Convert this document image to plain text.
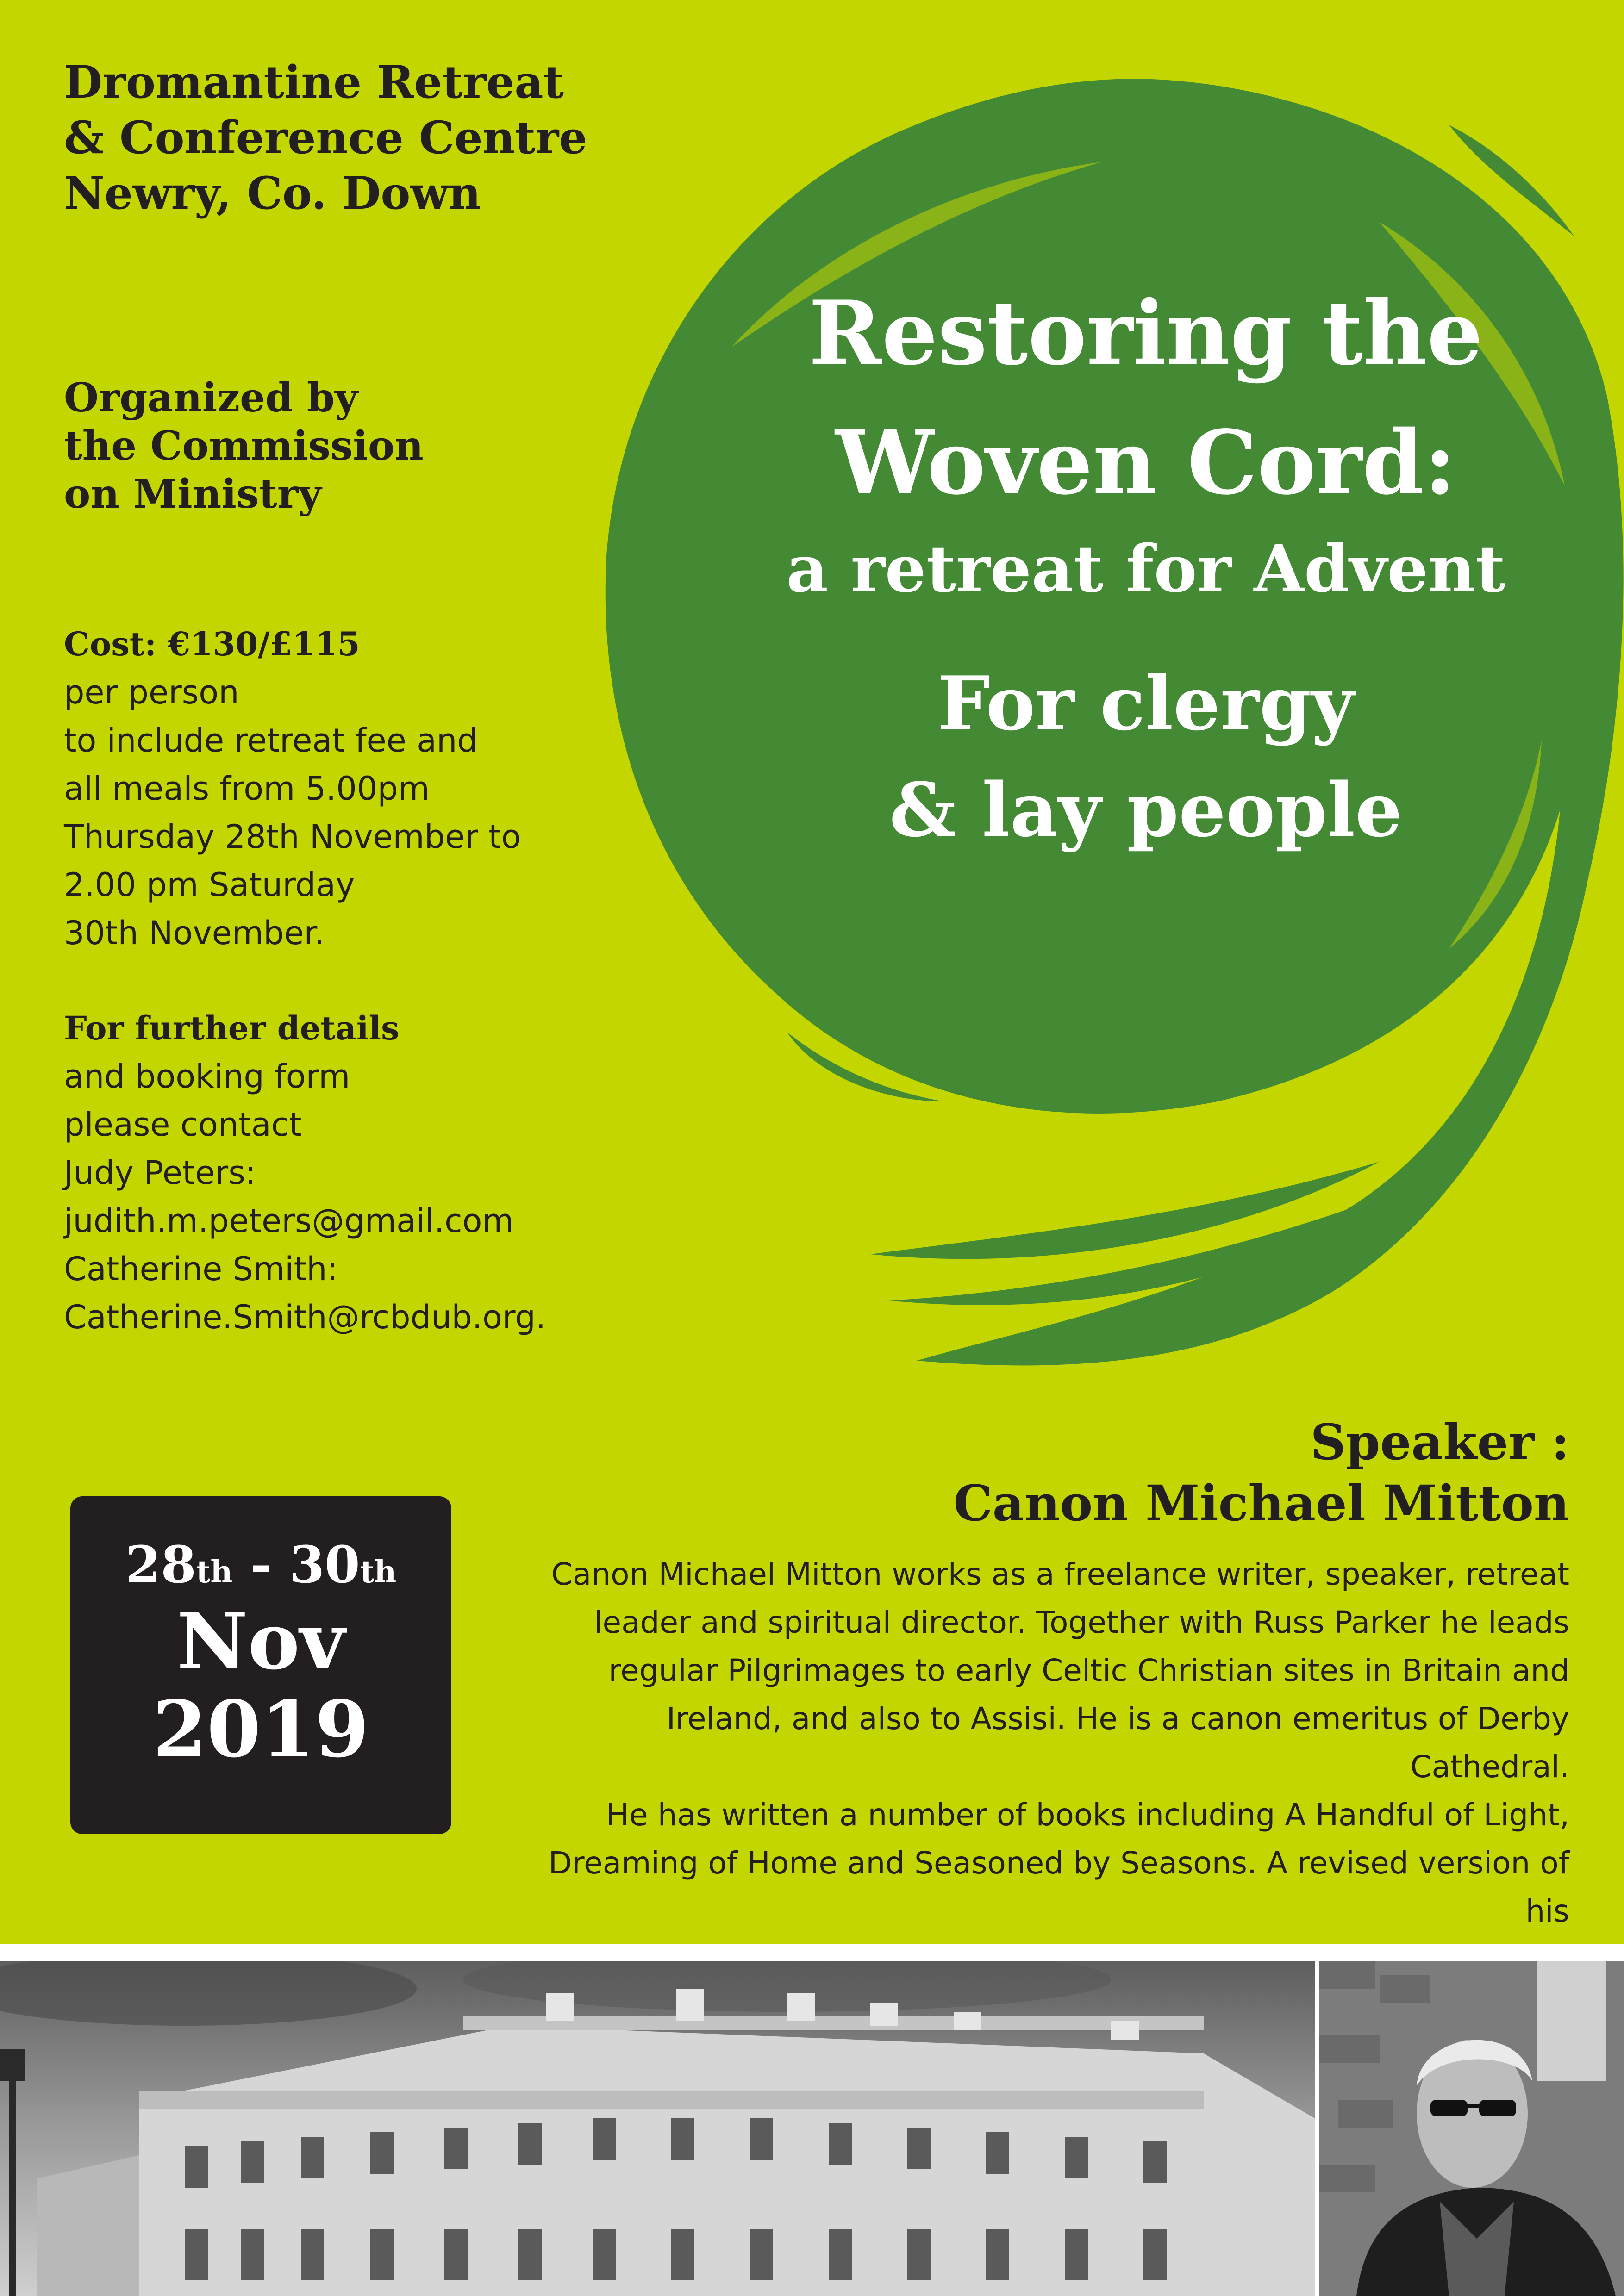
Dromantine Retreat
& Conference Centre
Newry, Co. Down
Organized by
the Commission
on Ministry
Cost: €130/£115
per person
to include retreat fee and
all meals from 5.00pm
Thursday 28th November to
2.00 pm Saturday
30th November.
For further details
and booking form
please contact
Judy Peters:
judith.m.peters@gmail.com
Catherine Smith:
Catherine.Smith@rcbdub.org.
Restoring the
Woven Cord:
a retreat for Advent
For clergy
& lay people
Speaker :
Canon Michael Mitton
Canon Michael Mitton works as a freelance writer, speaker, retreat
leader and spiritual director. Together with Russ Parker he leads
regular Pilgrimages to early Celtic Christian sites in Britain and
Ireland, and also to Assisi. He is a canon emeritus of Derby Cathedral.
He has written a number of books including A Handful of Light,
Dreaming of Home and Seasoned by Seasons. A revised version of his
28th - 30th
Nov
2019
